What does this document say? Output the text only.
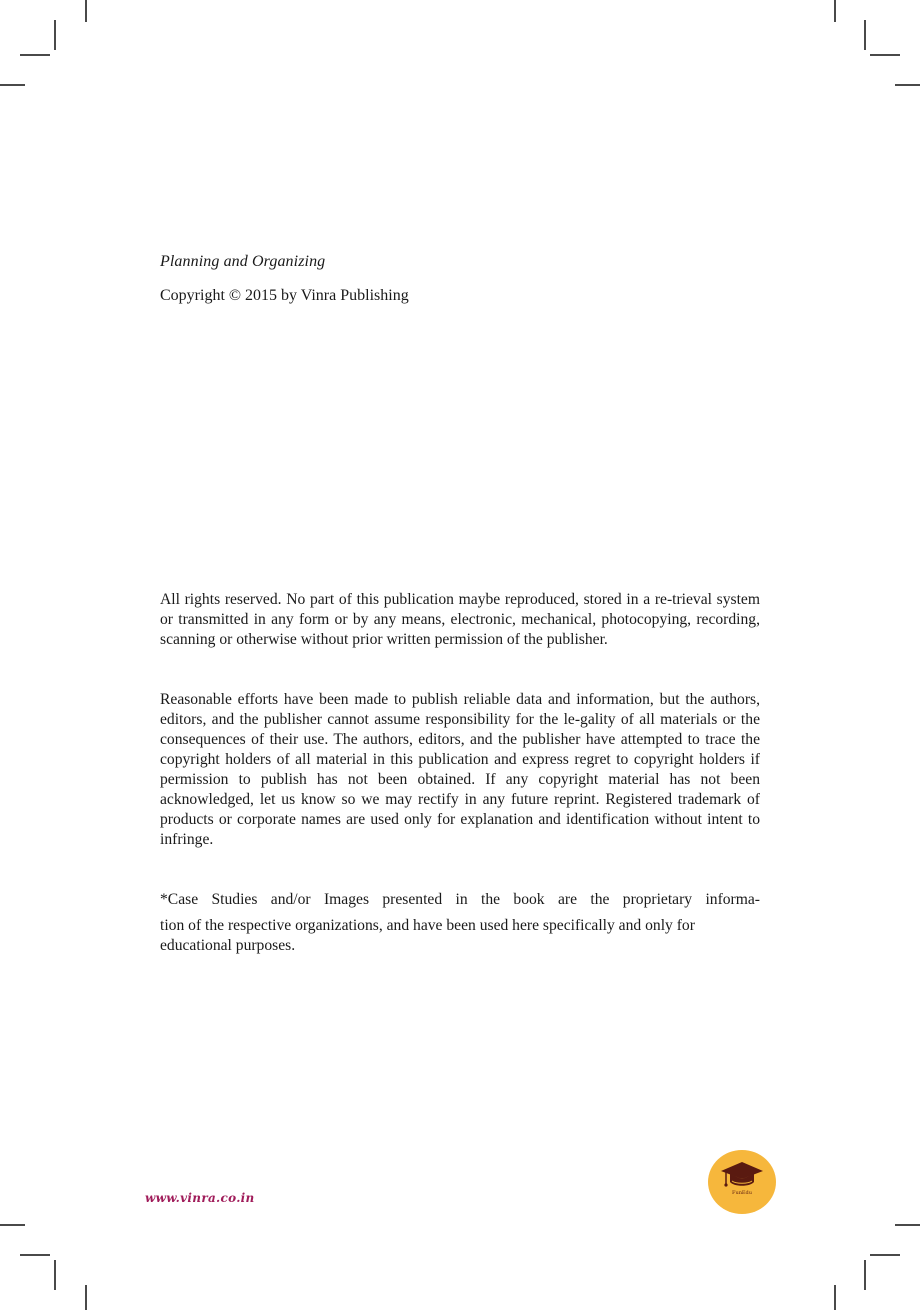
Planning and Organizing
Copyright © 2015 by Vinra Publishing

All rights reserved. No part of this publication maybe reproduced, stored in a re-trieval system or transmitted in any form or by any means, electronic, mechanical, photocopying, recording, scanning or otherwise without prior written permission of the publisher.

Reasonable efforts have been made to publish reliable data and information, but the authors, editors, and the publisher cannot assume responsibility for the le-gality of all materials or the consequences of their use. The authors, editors, and the publisher have attempted to trace the copyright holders of all material in this publication and express regret to copyright holders if permission to publish has not been obtained. If any copyright material has not been acknowledged, let us know so we may rectify in any future reprint. Registered trademark of products or corporate names are used only for explanation and identification without intent to infringe.

*Case Studies and/or Images presented in the book are the proprietary informa-
tion of the respective organizations, and have been used here specifically and only for educational purposes.
www.vinra.co.in	FunEdu
